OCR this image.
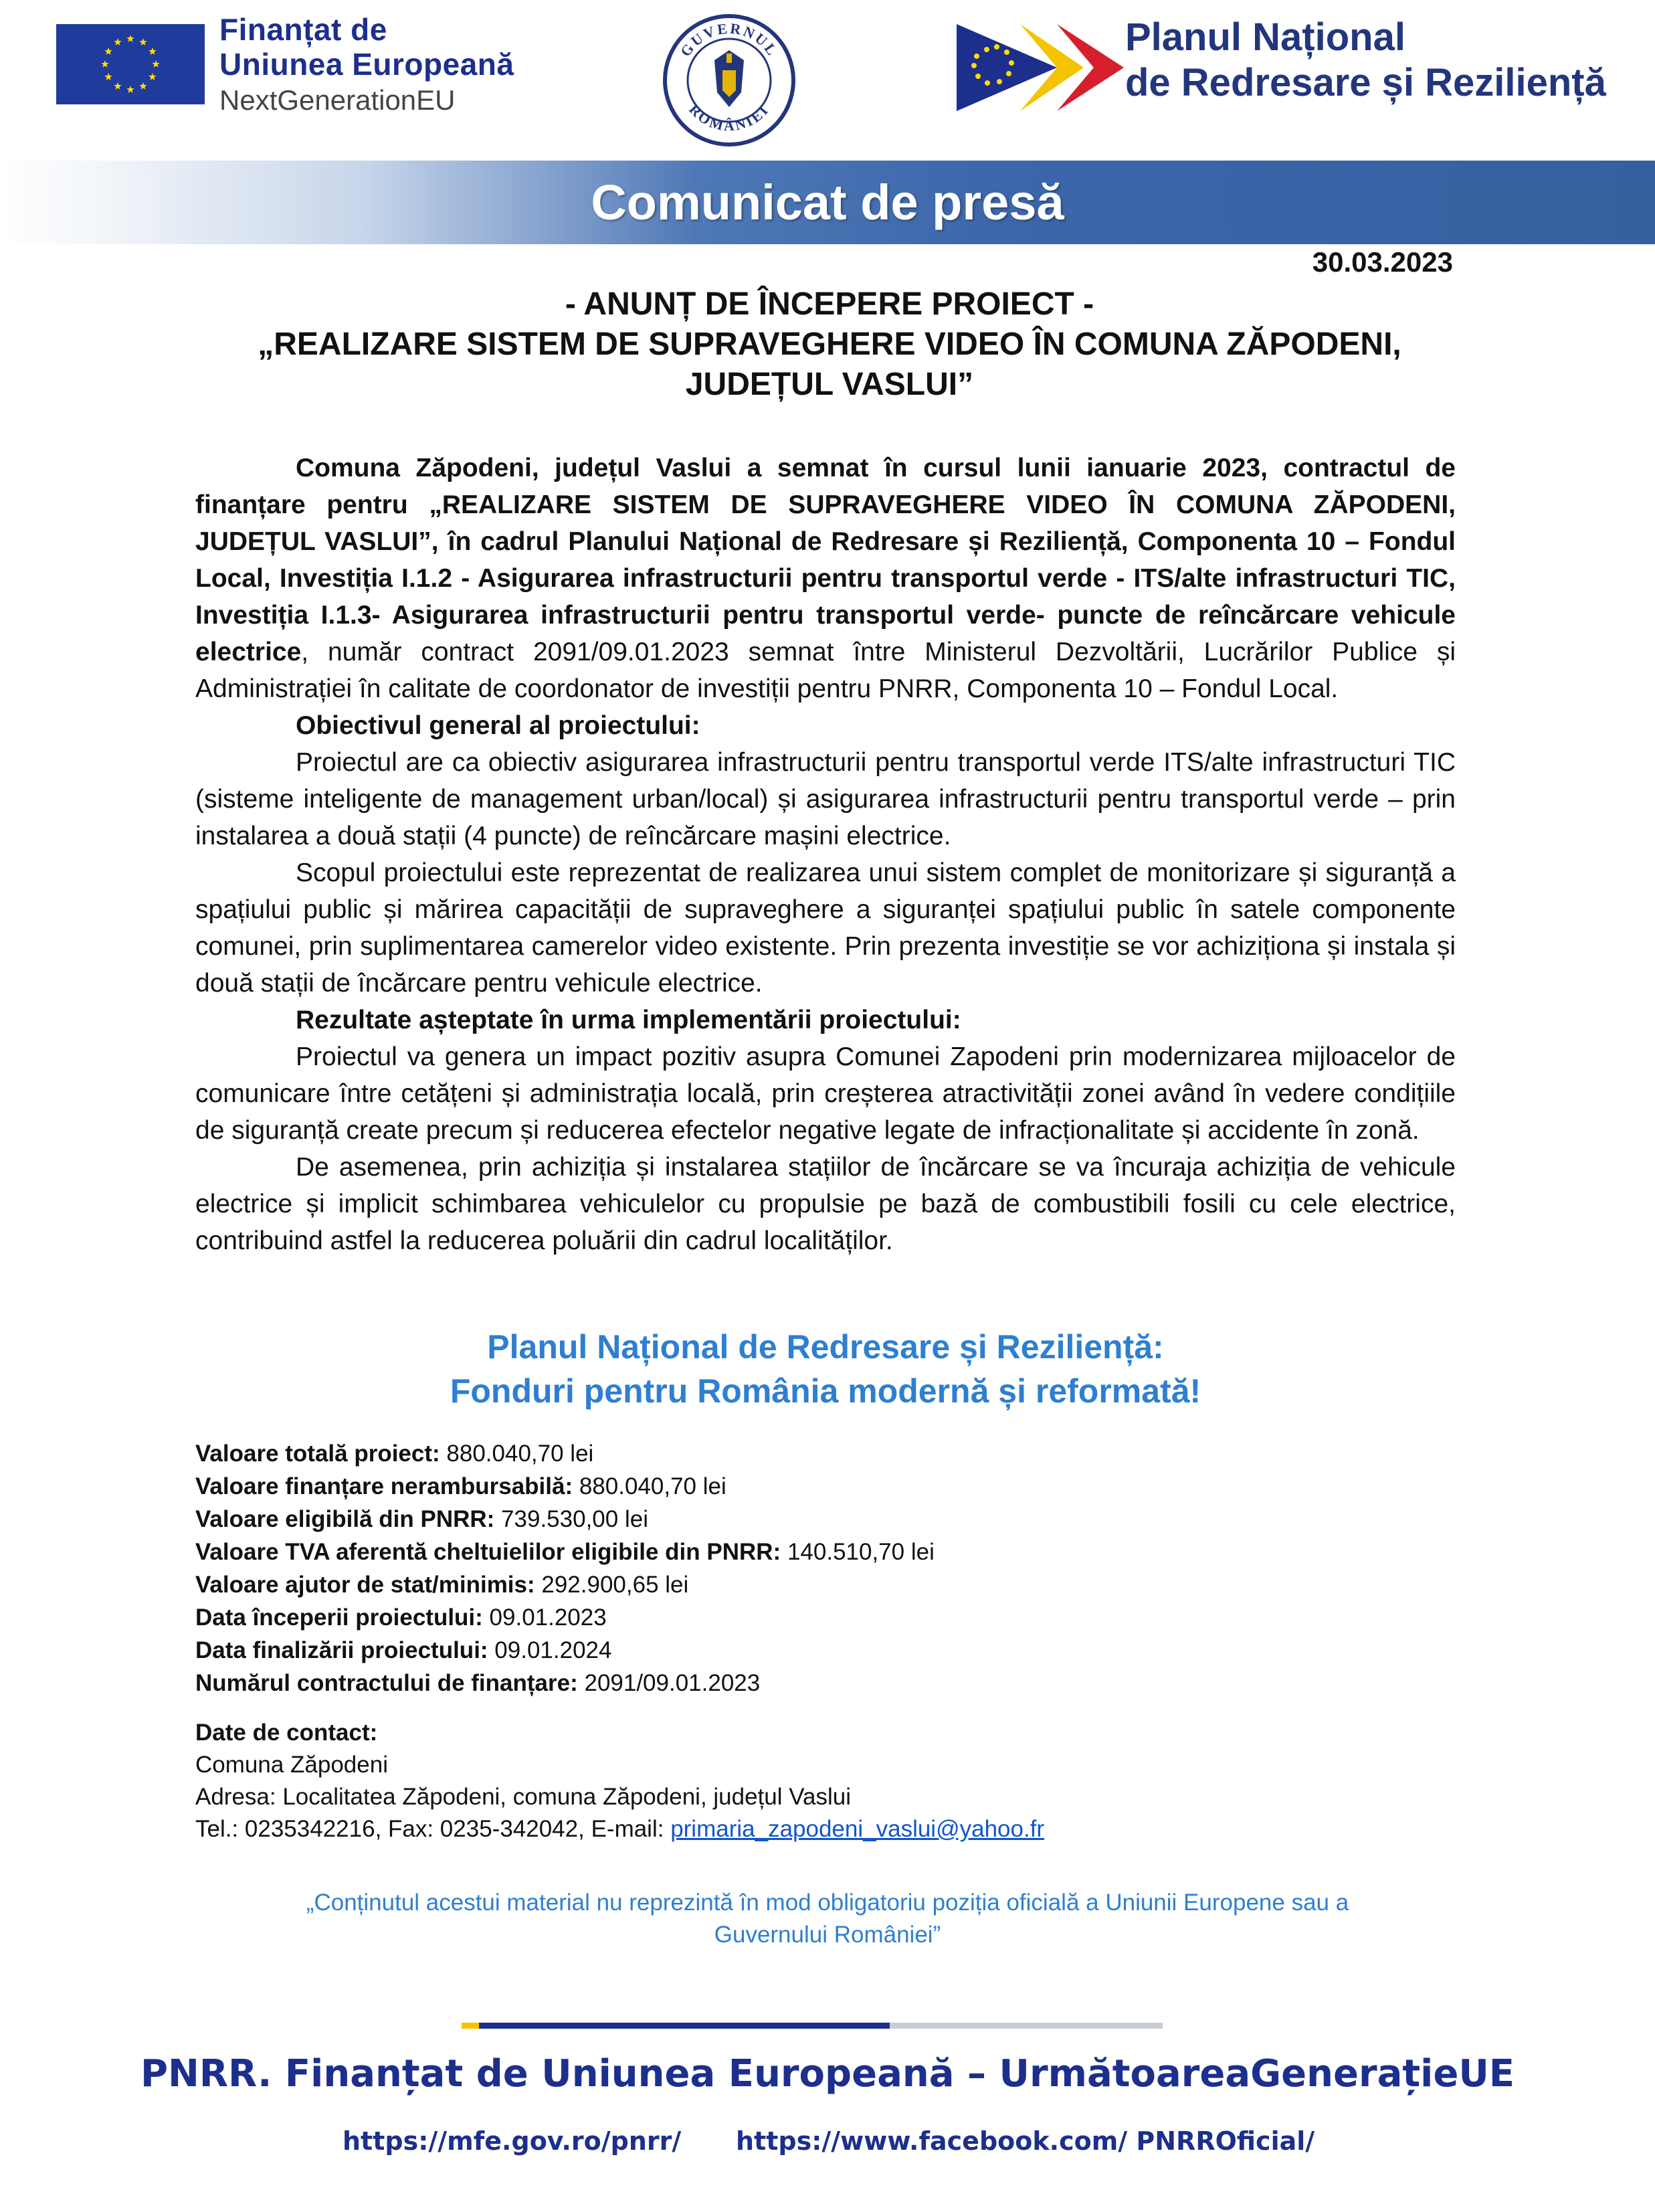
Finanțat de
Uniunea Europeană
NextGenerationEU
GUVERNUL
ROMÂNIEI
Planul Național
de Redresare și Reziliență
Comunicat de presă
30.03.2023
- ANUNȚ DE ÎNCEPERE PROIECT -
„REALIZARE SISTEM DE SUPRAVEGHERE VIDEO ÎN COMUNA ZĂPODENI,
JUDEȚUL VASLUI”

Comuna Zăpodeni, județul Vaslui a semnat în cursul lunii ianuarie 2023, contractul de finanțare pentru „REALIZARE SISTEM DE SUPRAVEGHERE VIDEO ÎN COMUNA ZĂPODENI, JUDEȚUL VASLUI”, în cadrul Planului Național de Redresare și Reziliență, Componenta 10 – Fondul Local, Investiția I.1.2 - Asigurarea infrastructurii pentru transportul verde - ITS/alte infrastructuri TIC, Investiția I.1.3- Asigurarea infrastructurii pentru transportul verde- puncte de reîncărcare vehicule electrice, număr contract 2091/09.01.2023 semnat între Ministerul Dezvoltării, Lucrărilor Publice și Administrației în calitate de coordonator de investiții pentru PNRR, Componenta 10 – Fondul Local.

Obiectivul general al proiectului:

Proiectul are ca obiectiv asigurarea infrastructurii pentru transportul verde ITS/alte infrastructuri TIC (sisteme inteligente de management urban/local) și asigurarea infrastructurii pentru transportul verde – prin instalarea a două stații (4 puncte) de reîncărcare mașini electrice.

Scopul proiectului este reprezentat de realizarea unui sistem complet de monitorizare și siguranță a spațiului public și mărirea capacității de supraveghere a siguranței spațiului public în satele componente comunei, prin suplimentarea camerelor video existente. Prin prezenta investiție se vor achiziționa și instala și două stații de încărcare pentru vehicule electrice.

Rezultate așteptate în urma implementării proiectului:

Proiectul va genera un impact pozitiv asupra Comunei Zapodeni prin modernizarea mijloacelor de comunicare între cetățeni și administrația locală, prin creșterea atractivității zonei având în vedere condițiile de siguranță create precum și reducerea efectelor negative legate de infracționalitate și accidente în zonă.

De asemenea, prin achiziția și instalarea stațiilor de încărcare se va încuraja achiziția de vehicule electrice și implicit schimbarea vehiculelor cu propulsie pe bază de combustibili fosili cu cele electrice, contribuind astfel la reducerea poluării din cadrul localităților.

Planul Național de Redresare și Reziliență:
Fonduri pentru România modernă și reformată!
Valoare totală proiect: 880.040,70 lei
Valoare finanțare nerambursabilă: 880.040,70 lei
Valoare eligibilă din PNRR: 739.530,00 lei
Valoare TVA aferentă cheltuielilor eligibile din PNRR: 140.510,70 lei
Valoare ajutor de stat/minimis: 292.900,65 lei
Data începerii proiectului: 09.01.2023
Data finalizării proiectului: 09.01.2024
Numărul contractului de finanțare: 2091/09.01.2023
Date de contact:
Comuna Zăpodeni
Adresa: Localitatea Zăpodeni, comuna Zăpodeni, județul Vaslui
Tel.: 0235342216, Fax: 0235-342042, E-mail: primaria_zapodeni_vaslui@yahoo.fr
„Conținutul acestui material nu reprezintă în mod obligatoriu poziția oficială a Uniunii Europene sau a
Guvernului României”
PNRR. Finanțat de Uniunea Europeană – UrmătoareaGenerațieUE
https://mfe.gov.ro/pnrr/ https://www.facebook.com/ PNRROficial/
